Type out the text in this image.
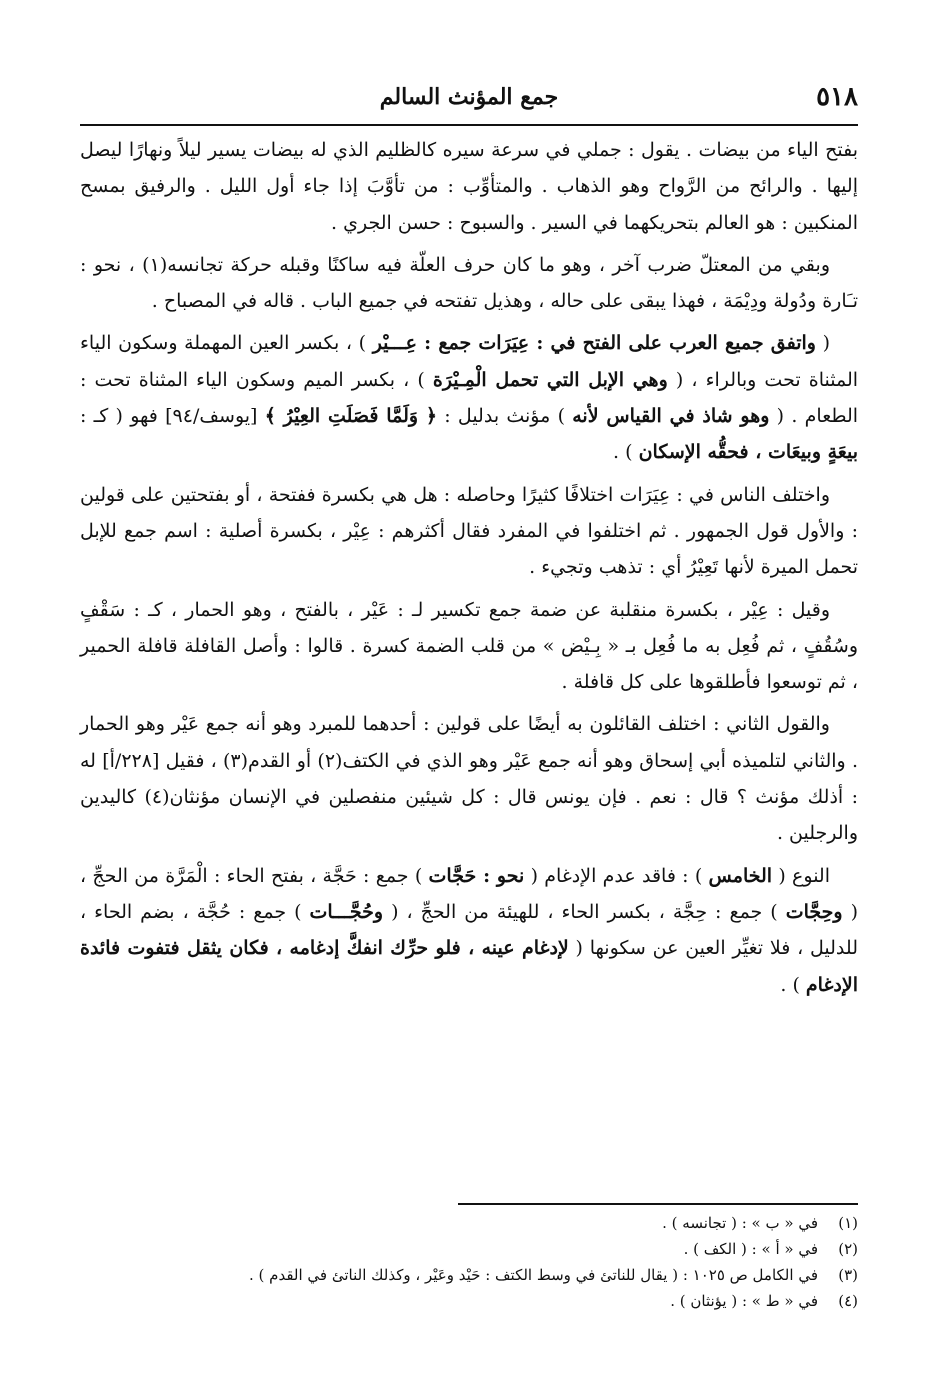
٥١٨
جمع المؤنث السالم

بفتح الياء من بيضات . يقول : جملي في سرعة سيره كالظليم الذي له بيضات يسير ليلاً ونهارًا ليصل إليها . والرائح من الرَّواح وهو الذهاب . والمتأوِّب : من تأوَّبَ إذا جاء أول الليل . والرفيق بمسح المنكبين : هو العالم بتحريكهما في السير . والسبوح : حسن الجري .

وبقي من المعتلّ ضرب آخر ، وهو ما كان حرف العلّة فيه ساكنًا وقبله حركة تجانسه(١) ، نحو : تـَارة ودُولة ودِيْمَة ، فهذا يبقى على حاله ، وهذيل تفتحه في جميع الباب . قاله في المصباح .

( واتفق جميع العرب على الفتح في : عِيَرَات جمع : عِـــيْر ) ، بكسر العين المهملة وسكون الياء المثناة تحت وبالراء ، ( وهي الإبل التي تحمل الْمِـيْرَة ) ، بكسر الميم وسكون الياء المثناة تحت : الطعام . ( وهو شاذ في القياس لأنه ) مؤنث بدليل : ﴿ وَلَمَّا فَصَلَتِ العِيْرُ ﴾ [يوسف/٩٤] فهو ( كـ : بيعَةٍ وبيعَات ، فحقُّه الإسكان ) .

واختلف الناس في : عِيَرَات اختلافًا كثيرًا وحاصله : هل هي بكسرة ففتحة ، أو بفتحتين على قولين : والأول قول الجمهور . ثم اختلفوا في المفرد فقال أكثرهم : عِيْر ، بكسرة أصلية : اسم جمع للإبل تحمل الميرة لأنها تَعِيْرُ أي : تذهب وتجيء .

وقيل : عِيْر ، بكسرة منقلبة عن ضمة جمع تكسير لـ : عَيْر ، بالفتح ، وهو الحمار ، كـ : سَقْفٍ وسُقُفٍ ، ثم فُعِل به ما فُعِل بـ « بِـيْض » من قلب الضمة كسرة . قالوا : وأصل القافلة قافلة الحمير ، ثم توسعوا فأطلقوها على كل قافلة .

والقول الثاني : اختلف القائلون به أيضًا على قولين : أحدهما للمبرد وهو أنه جمع عَيْر وهو الحمار . والثاني لتلميذه أبي إسحاق وهو أنه جمع عَيْر وهو الذي في الكتف(٢) أو القدم(٣) ، فقيل [٢٢٨/أ] له : أذلك مؤنث ؟ قال : نعم . فإن يونس قال : كل شيئين منفصلين في الإنسان مؤنثان(٤) كاليدين والرجلين .

النوع ( الخامس ) : فاقد عدم الإدغام ( نحو : حَجَّات ) جمع : حَجَّة ، بفتح الحاء : الْمَرَّة من الحجِّ ، ( وحِجَّات ) جمع : حِجَّة ، بكسر الحاء ، للهيئة من الحجِّ ، ( وحُجَّـــات ) جمع : حُجَّة ، بضم الحاء ، للدليل ، فلا تغيِّر العين عن سكونها ( لإدغام عينه ، فلو حرِّك انفكَّ إدغامه ، فكان يثقل فتفوت فائدة الإدغام ) .

(١)
في « ب » : ( تجانسه ) .
(٢)
في « أ » : ( الكف ) .
(٣)
في الكامل ص ١٠٢٥ : ( يقال للناتئ في وسط الكتف : حَيْد وعَيْر ، وكذلك الناتئ في القدم ) .
(٤)
في « ط » : ( يؤنثان ) .
